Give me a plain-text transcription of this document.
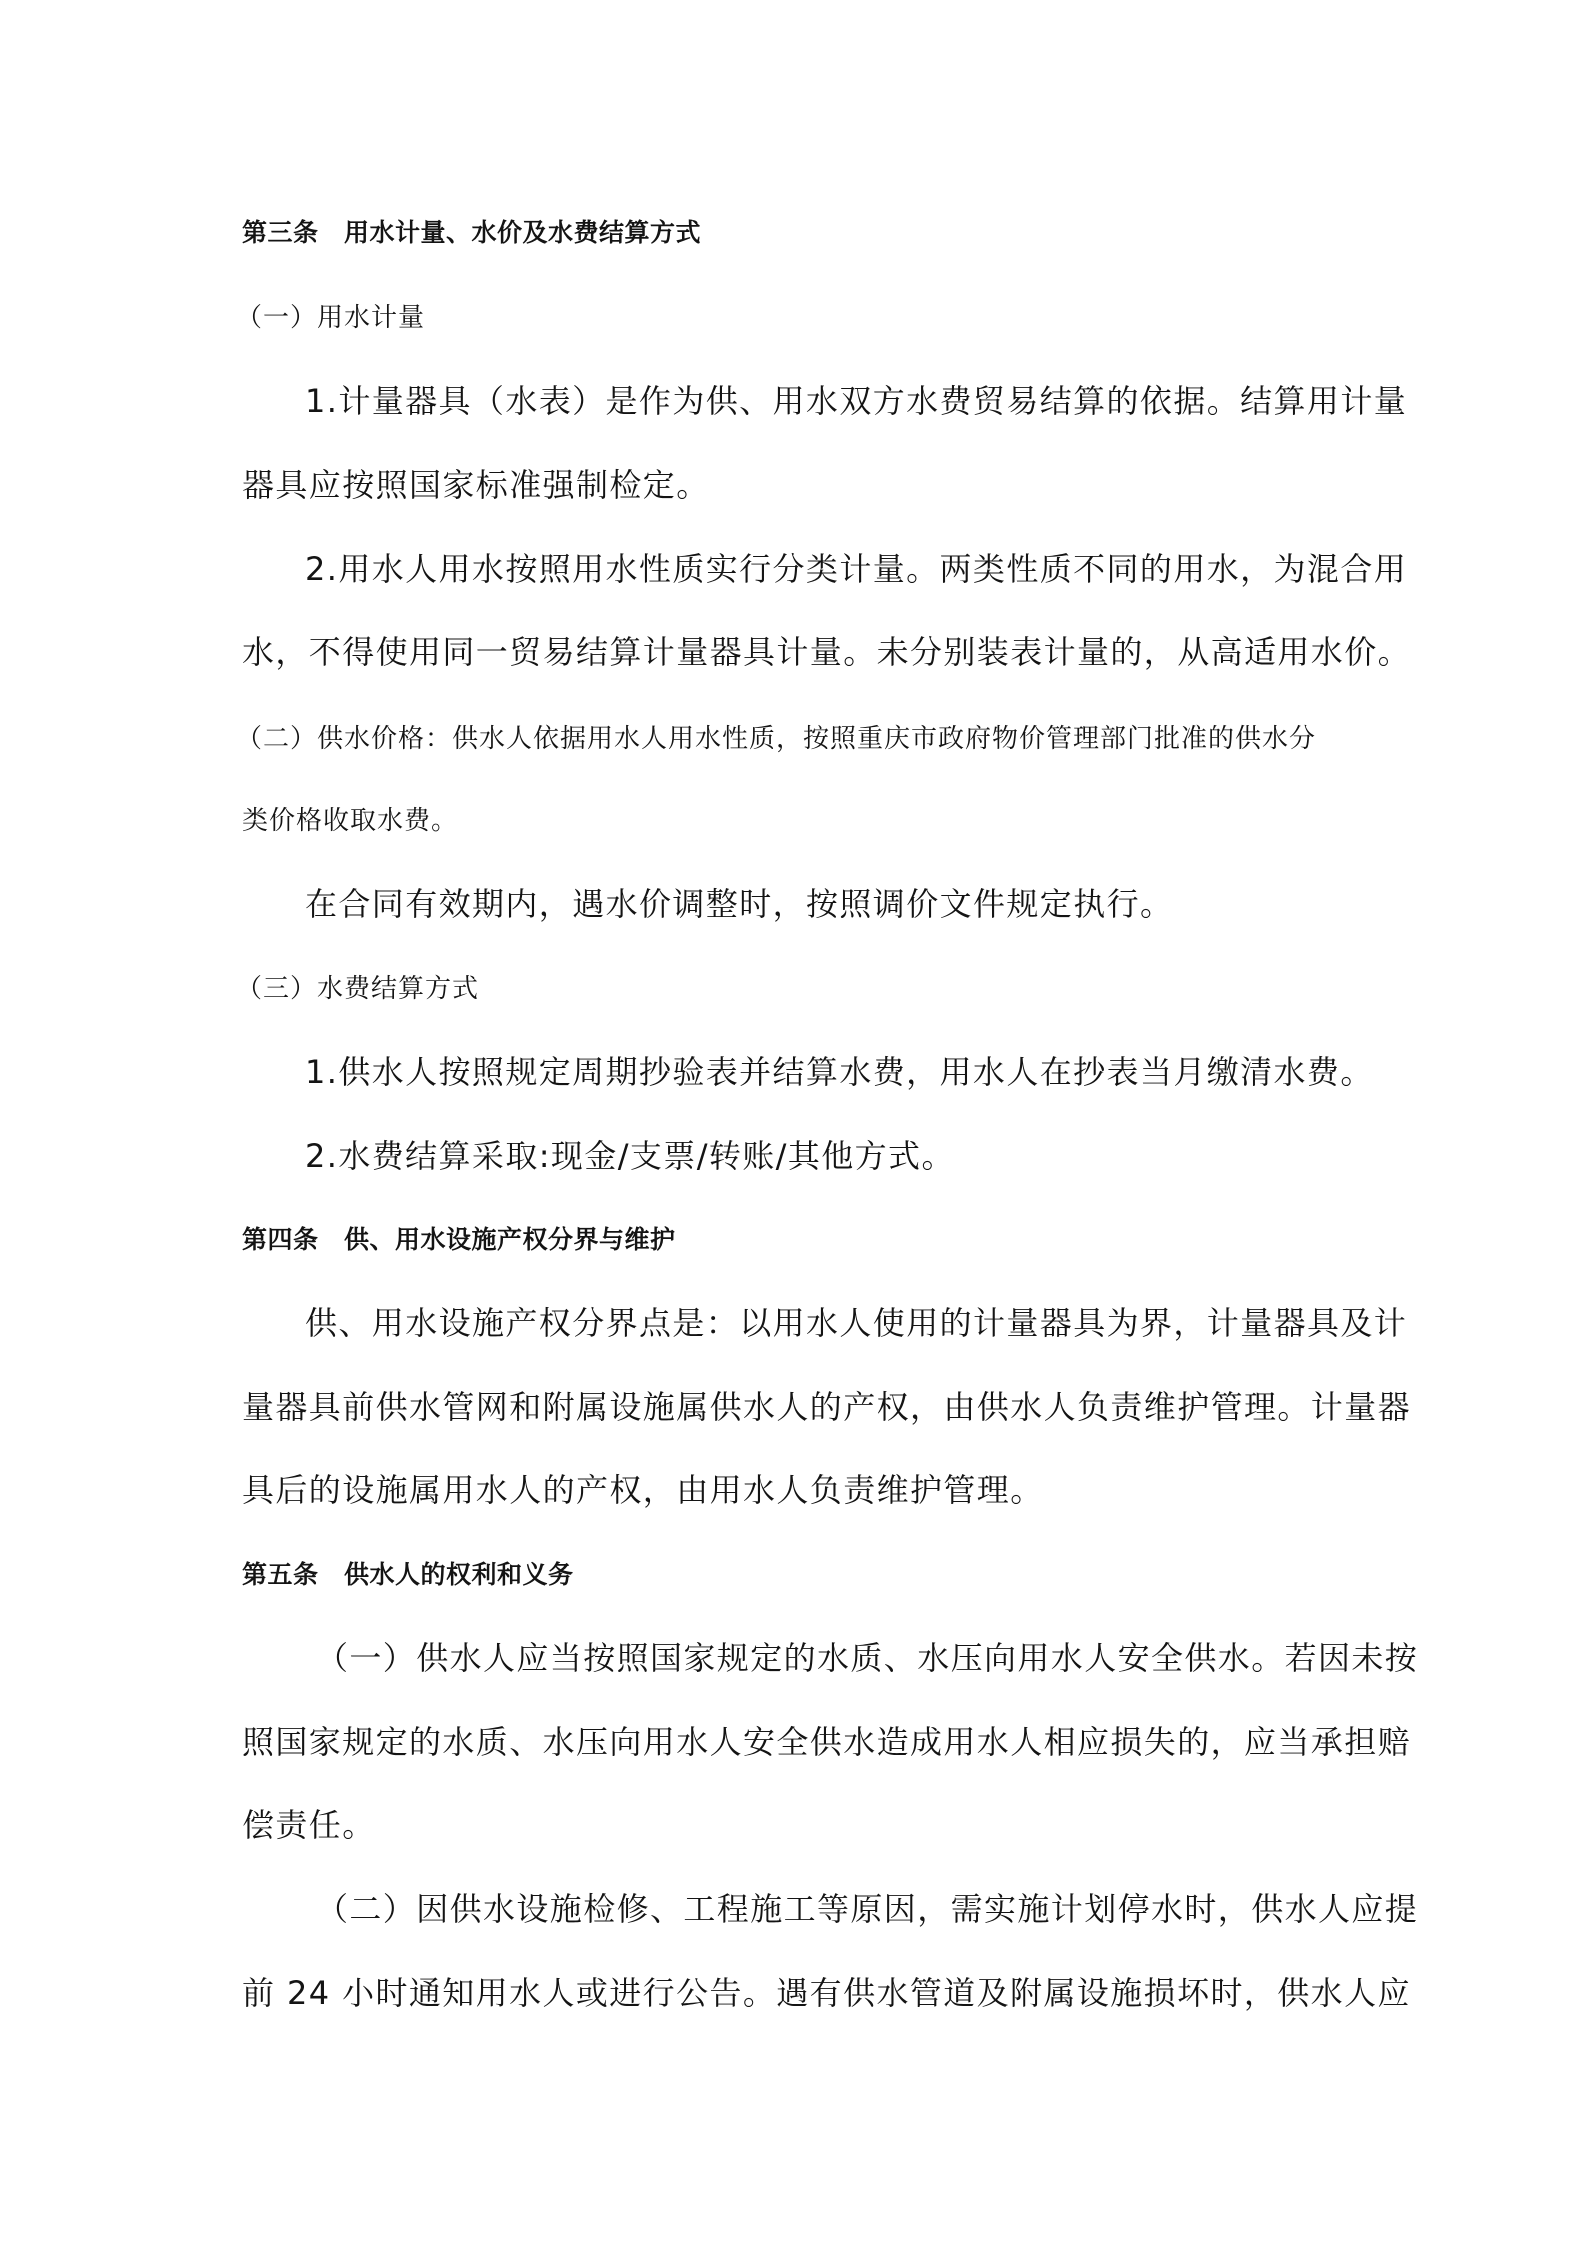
第三条　用水计量、水价及水费结算方式

（一）用水计量

1.计量器具（水表）是作为供、用水双方水费贸易结算的依据。结算用计量

器具应按照国家标准强制检定。

2.用水人用水按照用水性质实行分类计量。两类性质不同的用水，为混合用

水，不得使用同一贸易结算计量器具计量。未分别装表计量的，从高适用水价。

（二）供水价格：供水人依据用水人用水性质，按照重庆市政府物价管理部门批准的供水分

类价格收取水费。

在合同有效期内，遇水价调整时，按照调价文件规定执行。

（三）水费结算方式

1.供水人按照规定周期抄验表并结算水费，用水人在抄表当月缴清水费。

2.水费结算采取:现金/支票/转账/其他方式。

第四条　供、用水设施产权分界与维护

供、用水设施产权分界点是：以用水人使用的计量器具为界，计量器具及计

量器具前供水管网和附属设施属供水人的产权，由供水人负责维护管理。计量器

具后的设施属用水人的产权，由用水人负责维护管理。

第五条　供水人的权利和义务

（一）供水人应当按照国家规定的水质、水压向用水人安全供水。若因未按

照国家规定的水质、水压向用水人安全供水造成用水人相应损失的，应当承担赔

偿责任。

（二）因供水设施检修、工程施工等原因，需实施计划停水时，供水人应提

前 24 小时通知用水人或进行公告。遇有供水管道及附属设施损坏时，供水人应
